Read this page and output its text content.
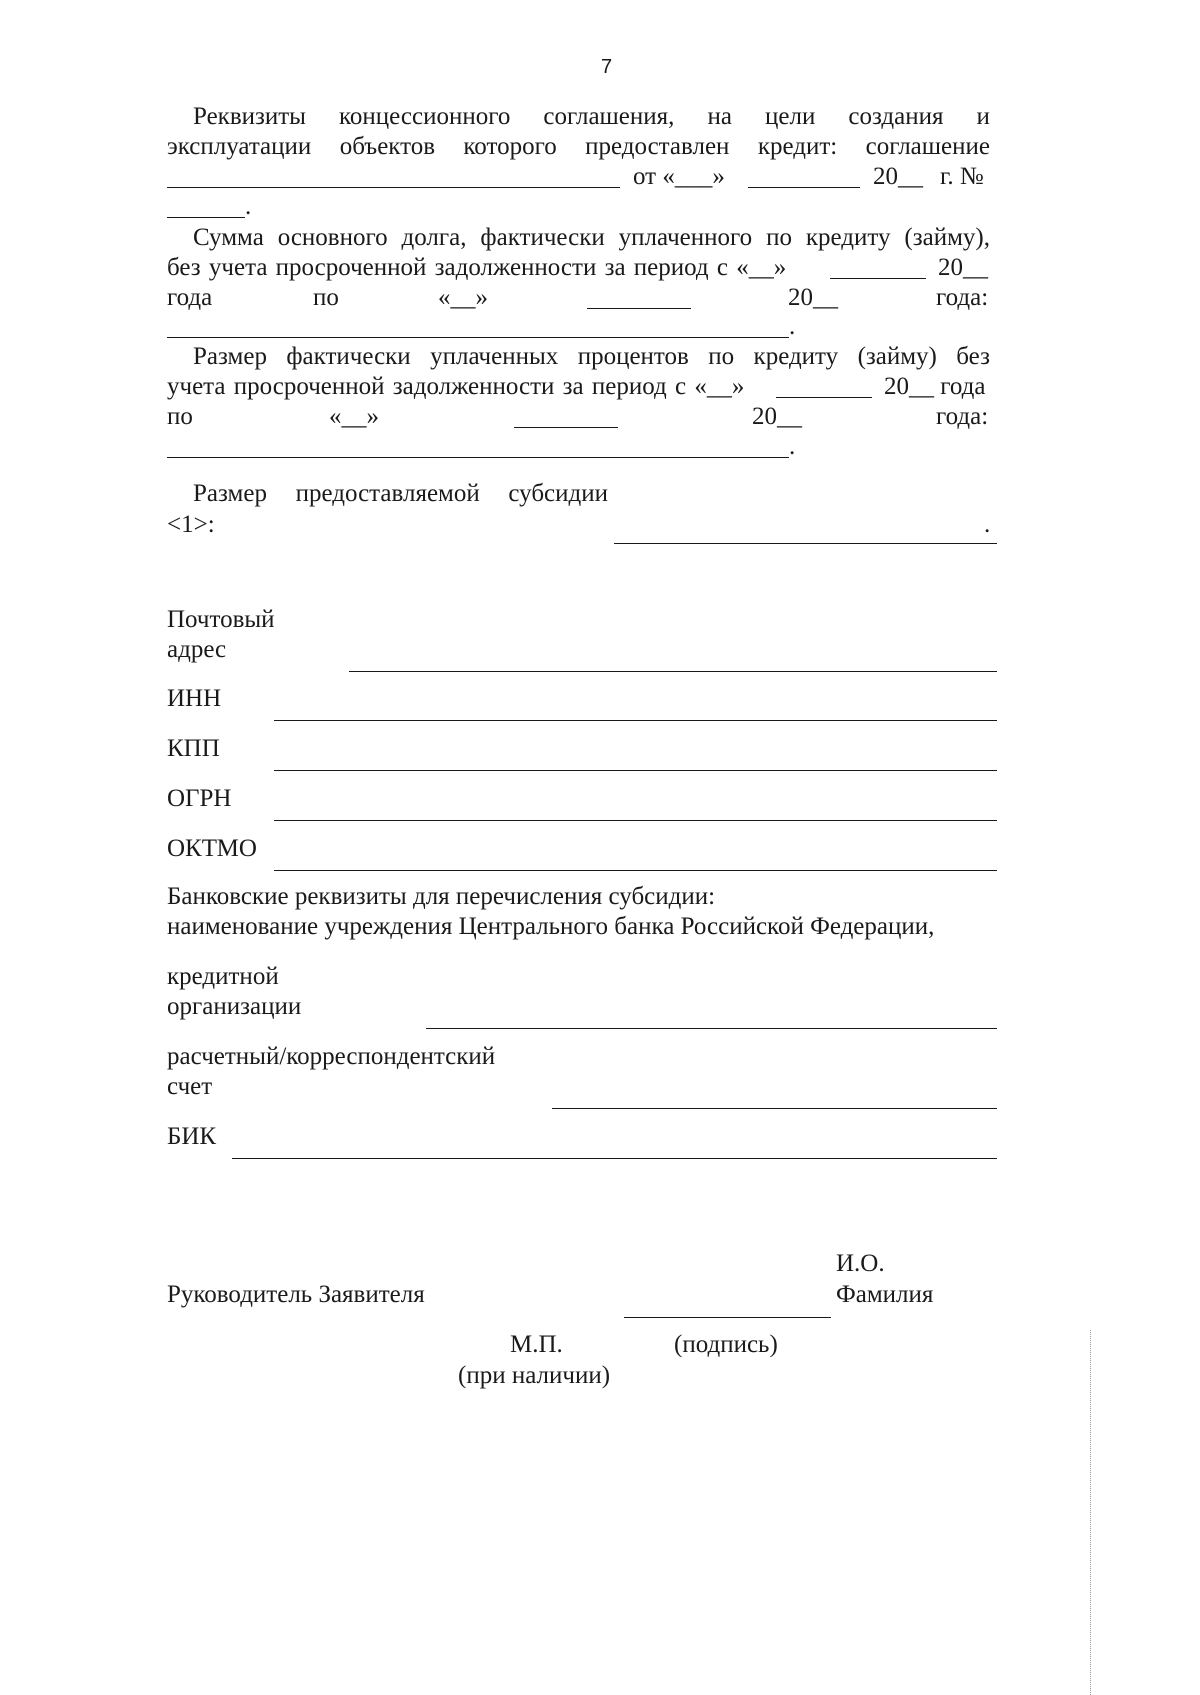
7
Реквизиты концессионного соглашения, на цели создания и
эксплуатации объектов которого предоставлен кредит: соглашение
от «___»	20__ г. №
.
Сумма основного долга, фактически уплаченного по кредиту (займу),
без учета просроченной задолженности за период с «__»	20__
года	по	«__»	20__	года:
.
Размер фактически уплаченных процентов по кредиту (займу) без
учета просроченной задолженности за период с «__»	20__ года
по	«__»	20__	года:
.
Размер предоставляемой субсидии
<1>:	.
Почтовый
адрес
ИНН
КПП
ОГРН
ОКТМО
Банковские реквизиты для перечисления субсидии:
наименование учреждения Центрального банка Российской Федерации,
кредитной
организации
расчетный/корреспондентский
счет
БИК
И.О.
Руководитель Заявителя	Фамилия
М.П.	(подпись)
(при наличии)
